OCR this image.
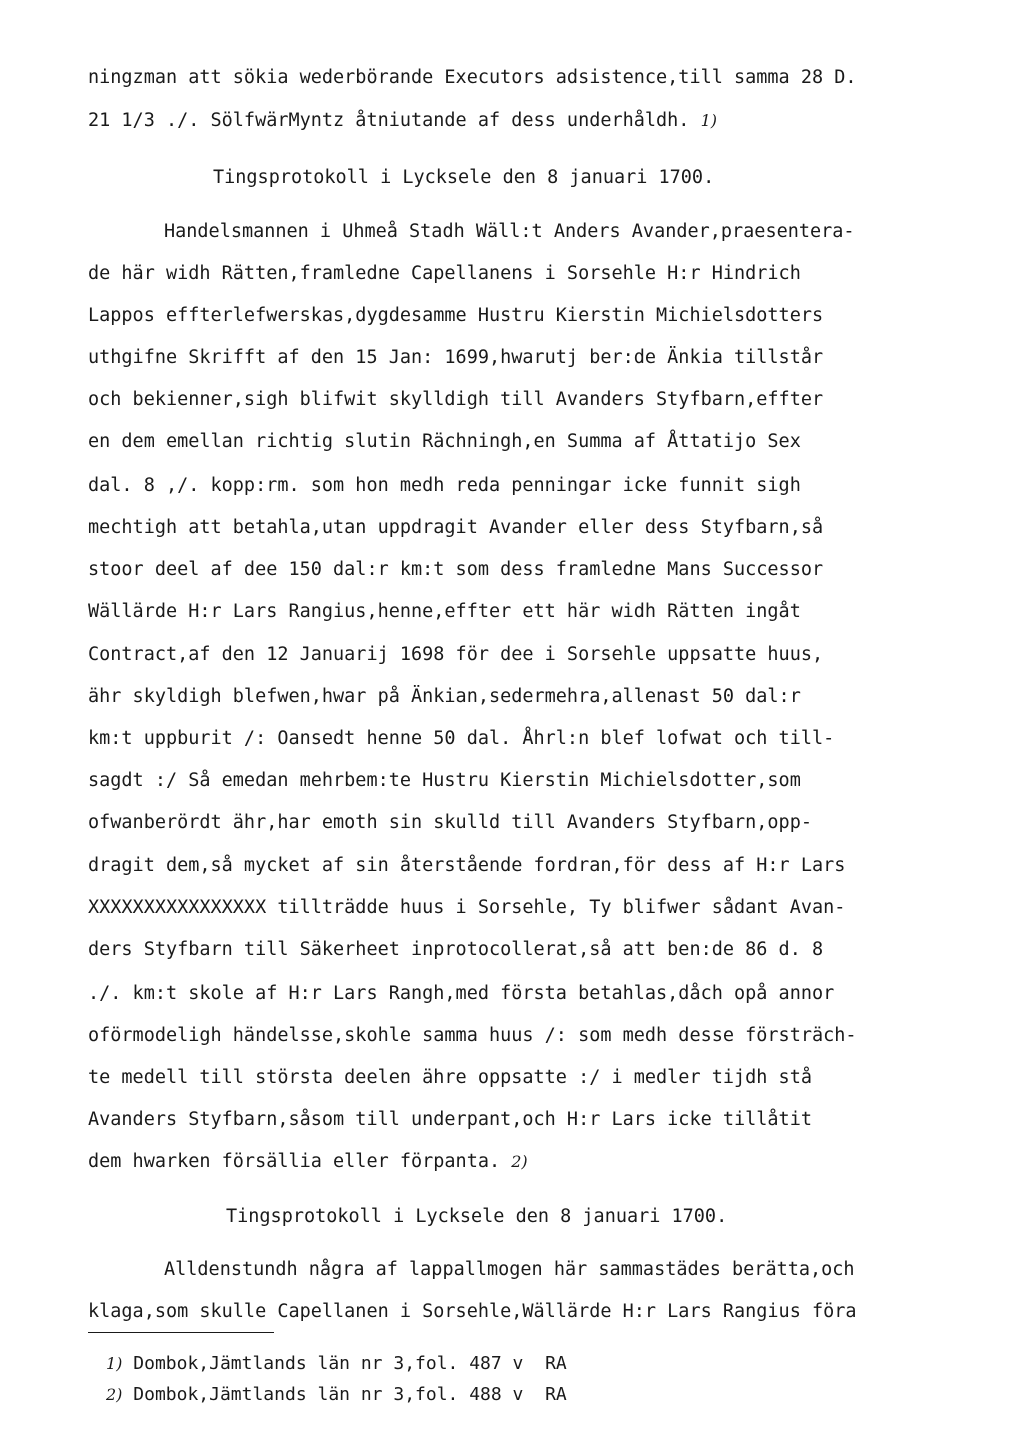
ningzman att sökia wederbörande Executors adsistence,till samma 28 D.
21 1/3 ./. SölfwärMyntz åtniutande af dess underhåldh. 1)
Tingsprotokoll i Lycksele den 8 januari 1700.
Handelsmannen i Uhmeå Stadh Wäll:t Anders Avander,praesentera-
de här widh Rätten,framledne Capellanens i Sorsehle H:r Hindrich
Lappos effterlefwerskas,dygdesamme Hustru Kierstin Michielsdotters
uthgifne Skrifft af den 15 Jan: 1699,hwarutj ber:de Änkia tillstår
och bekienner,sigh blifwit skylldigh till Avanders Styfbarn,effter
en dem emellan richtig slutin Rächningh,en Summa af Åttatijo Sex
dal. 8 ,/. kopp:rm. som hon medh reda penningar icke funnit sigh
mechtigh att betahla,utan uppdragit Avander eller dess Styfbarn,så
stoor deel af dee 150 dal:r km:t som dess framledne Mans Successor
Wällärde H:r Lars Rangius,henne,effter ett här widh Rätten ingåt
Contract,af den 12 Januarij 1698 för dee i Sorsehle uppsatte huus,
ähr skyldigh blefwen,hwar på Änkian,sedermehra,allenast 50 dal:r
km:t uppburit /: Oansedt henne 50 dal. Åhrl:n blef lofwat och till-
sagdt :/ Så emedan mehrbem:te Hustru Kierstin Michielsdotter,som
ofwanberördt ähr,har emoth sin skulld till Avanders Styfbarn,opp-
dragit dem,så mycket af sin återstående fordran,för dess af H:r Lars
XXXXXXXXXXXXXXXX tillträdde huus i Sorsehle, Ty blifwer sådant Avan-
ders Styfbarn till Säkerheet inprotocollerat,så att ben:de 86 d. 8
./. km:t skole af H:r Lars Rangh,med första betahlas,dåch opå annor
oförmodeligh händelsse,skohle samma huus /: som medh desse försträch-
te medell till största deelen ähre oppsatte :/ i medler tijdh stå
Avanders Styfbarn,såsom till underpant,och H:r Lars icke tillåtit
dem hwarken försällia eller förpanta. 2)
Tingsprotokoll i Lycksele den 8 januari 1700.
Alldenstundh några af lappallmogen här sammastädes berätta,och
klaga,som skulle Capellanen i Sorsehle,Wällärde H:r Lars Rangius föra
1) Dombok,Jämtlands län nr 3,fol. 487 v  RA
2) Dombok,Jämtlands län nr 3,fol. 488 v  RA
